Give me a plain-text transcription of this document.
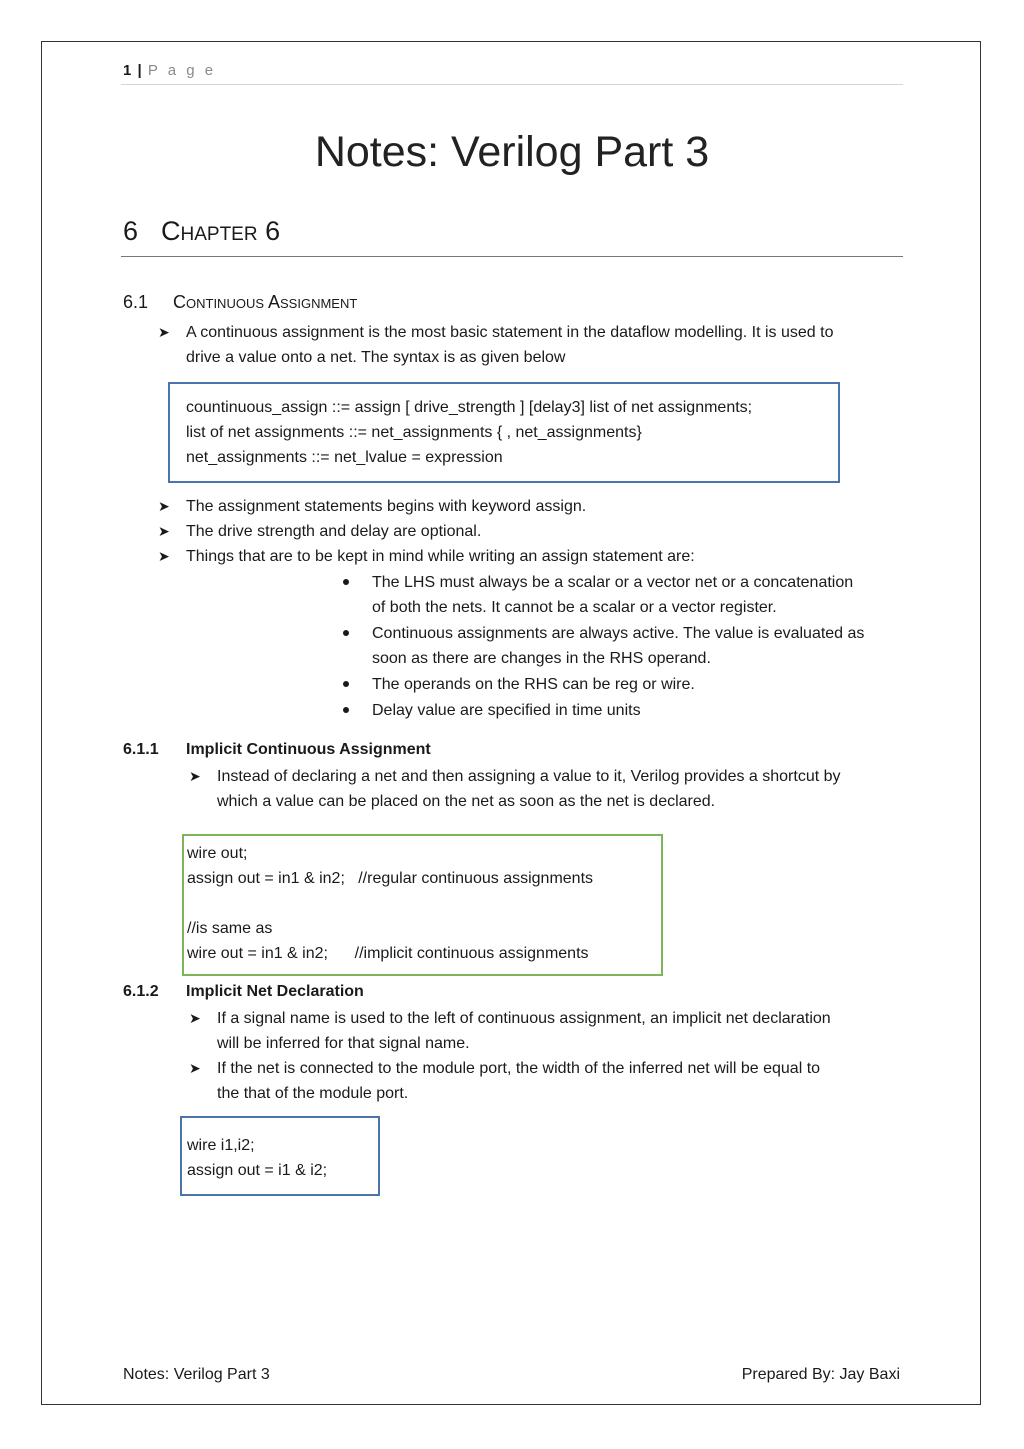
1 | P a g e
Notes: Verilog Part 3
6 Chapter 6
6.1 Continuous Assignment
➤ A continuous assignment is the most basic statement in the dataflow modelling. It is used to
drive a value onto a net. The syntax is as given below
countinuous_assign ::= assign [ drive_strength ] [delay3] list of net assignments;
list of net assignments ::= net_assignments { , net_assignments}
net_assignments ::= net_lvalue = expression
➤ The assignment statements begins with keyword assign.
➤ The drive strength and delay are optional.
➤ Things that are to be kept in mind while writing an assign statement are:
The LHS must always be a scalar or a vector net or a concatenation
of both the nets. It cannot be a scalar or a vector register.
Continuous assignments are always active. The value is evaluated as
soon as there are changes in the RHS operand.
The operands on the RHS can be reg or wire.
Delay value are specified in time units
6.1.1 Implicit Continuous Assignment
➤ Instead of declaring a net and then assigning a value to it, Verilog provides a shortcut by
which a value can be placed on the net as soon as the net is declared.
wire out;
assign out = in1 & in2;   //regular continuous assignments
//is same as
wire out = in1 & in2;      //implicit continuous assignments
6.1.2 Implicit Net Declaration
➤ If a signal name is used to the left of continuous assignment, an implicit net declaration
will be inferred for that signal name.
➤ If the net is connected to the module port, the width of the inferred net will be equal to
the that of the module port.
wire i1,i2;
assign out = i1 & i2;
Notes: Verilog Part 3	Prepared By: Jay Baxi
